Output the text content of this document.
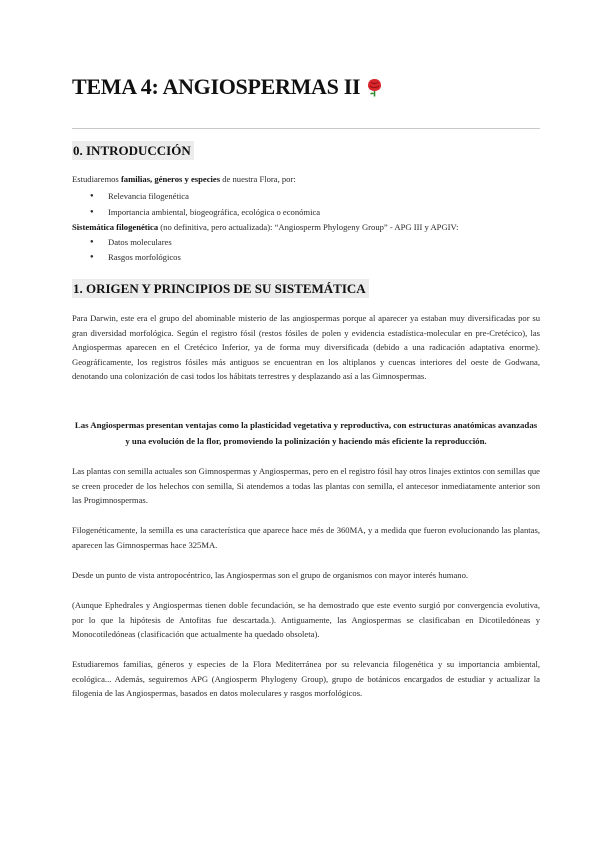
TEMA 4: ANGIOSPERMAS II
0. INTRODUCCIÓN
Estudiaremos familias, géneros y especies de nuestra Flora, por:
Relevancia filogenética
Importancia ambiental, biogeográfica, ecológica o económica
Sistemática filogenética (no definitiva, pero actualizada): “Angiosperm Phylogeny Group” - APG III y APGIV:
Datos moleculares
Rasgos morfológicos
1. ORIGEN Y PRINCIPIOS DE SU SISTEMÁTICA
Para Darwin, este era el grupo del abominable misterio de las angiospermas porque al aparecer ya estaban muy diversificadas por su gran diversidad morfológica. Según el registro fósil (restos fósiles de polen y evidencia estadística-molecular en pre-Cretécico), las Angiospermas aparecen en el Cretécico Inferior, ya de forma muy diversificada (debido a una radicación adaptativa enorme). Geográficamente, los registros fósiles más antiguos se encuentran en los altiplanos y cuencas interiores del oeste de Godwana, denotando una colonización de casi todos los hábitats terrestres y desplazando así a las Gimnospermas.
Las Angiospermas presentan ventajas como la plasticidad vegetativa y reproductiva, con estructuras anatómicas avanzadas y una evolución de la flor, promoviendo la polinización y haciendo más eficiente la reproducción.
Las plantas con semilla actuales son Gimnospermas y Angiospermas, pero en el registro fósil hay otros linajes extintos con semillas que se creen proceder de los helechos con semilla, Si atendemos a todas las plantas con semilla, el antecesor inmediatamente anterior son las Progimnospermas.
Filogenéticamente, la semilla es una característica que aparece hace més de 360MA, y a medida que fueron evolucionando las plantas, aparecen las Gimnospermas hace 325MA.
Desde un punto de vista antropocéntrico, las Angiospermas son el grupo de organismos con mayor interés humano.
(Aunque Ephedrales y Angiospermas tienen doble fecundación, se ha demostrado que este evento surgió por convergencia evolutiva, por lo que la hipótesis de Antofitas fue descartada.). Antiguamente, las Angiospermas se clasificaban en Dicotiledóneas y Monocotiledóneas (clasificación que actualmente ha quedado obsoleta).
Estudiaremos familias, géneros y especies de la Flora Mediterránea por su relevancia filogenética y su importancia ambiental, ecológica... Además, seguiremos APG (Angiosperm Phylogeny Group), grupo de botánicos encargados de estudiar y actualizar la filogenia de las Angiospermas, basados en datos moleculares y rasgos morfológicos.
